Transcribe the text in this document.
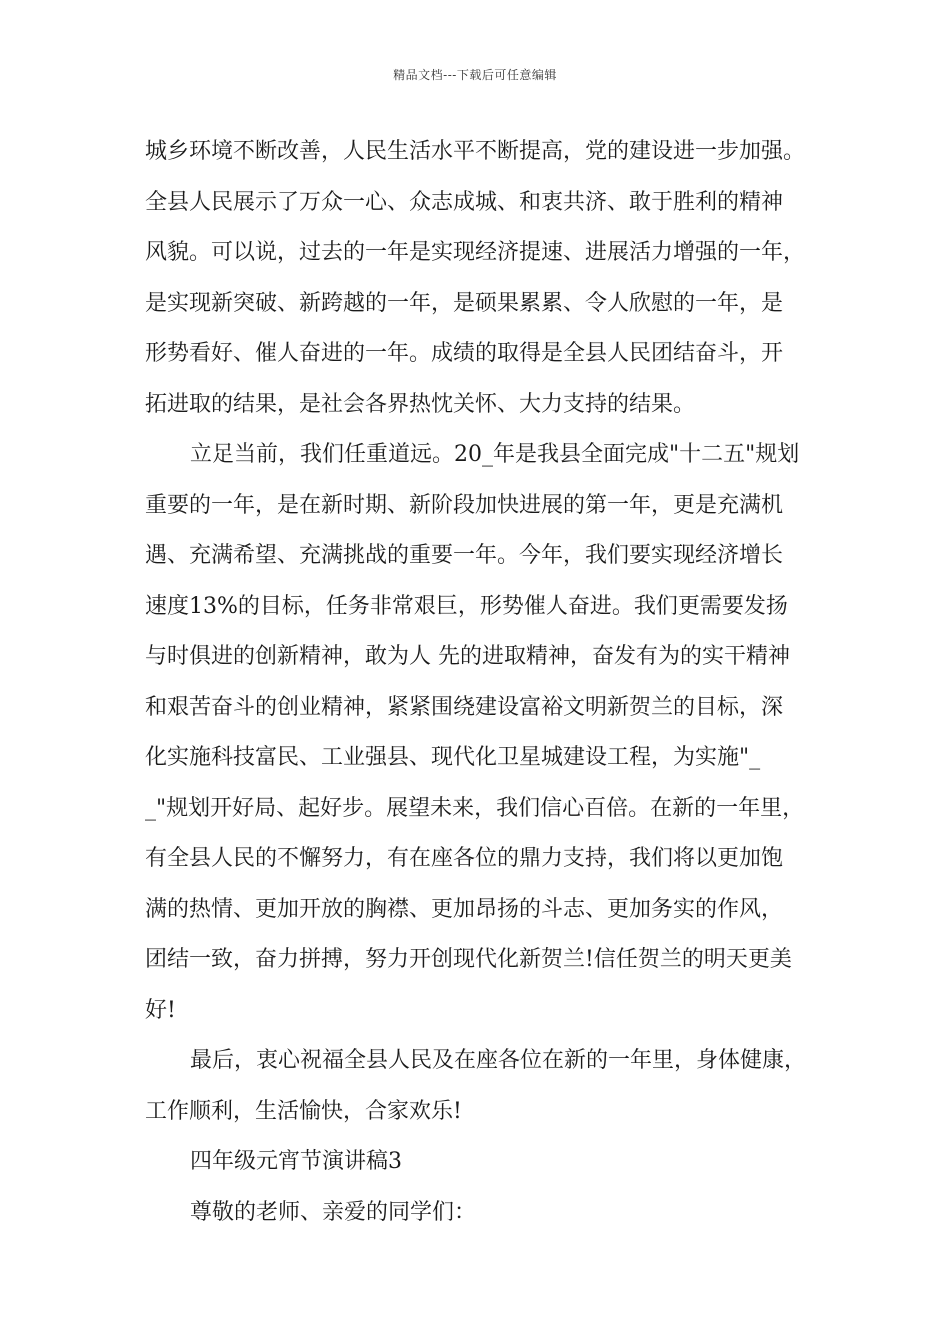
精品文档---下载后可任意编辑
城乡环境不断改善，人民生活水平不断提高，党的建设进一步加强。
全县人民展示了万众一心、众志成城、和衷共济、敢于胜利的精神
风貌。可以说，过去的一年是实现经济提速、进展活力增强的一年，
是实现新突破、新跨越的一年，是硕果累累、令人欣慰的一年，是
形势看好、催人奋进的一年。成绩的取得是全县人民团结奋斗，开
拓进取的结果，是社会各界热忱关怀、大力支持的结果。
立足当前，我们任重道远。20_年是我县全面完成"十二五"规划
重要的一年，是在新时期、新阶段加快进展的第一年，更是充满机
遇、充满希望、充满挑战的重要一年。今年，我们要实现经济增长
速度13%的目标，任务非常艰巨，形势催人奋进。我们更需要发扬
与时俱进的创新精神，敢为人 先的进取精神，奋发有为的实干精神
和艰苦奋斗的创业精神，紧紧围绕建设富裕文明新贺兰的目标，深
化实施科技富民、工业强县、现代化卫星城建设工程，为实施"_
_"规划开好局、起好步。展望未来，我们信心百倍。在新的一年里，
有全县人民的不懈努力，有在座各位的鼎力支持，我们将以更加饱
满的热情、更加开放的胸襟、更加昂扬的斗志、更加务实的作风，
团结一致，奋力拼搏，努力开创现代化新贺兰!信任贺兰的明天更美
好!
最后，衷心祝福全县人民及在座各位在新的一年里，身体健康，
工作顺利，生活愉快，合家欢乐!
四年级元宵节演讲稿3
尊敬的老师、亲爱的同学们：
